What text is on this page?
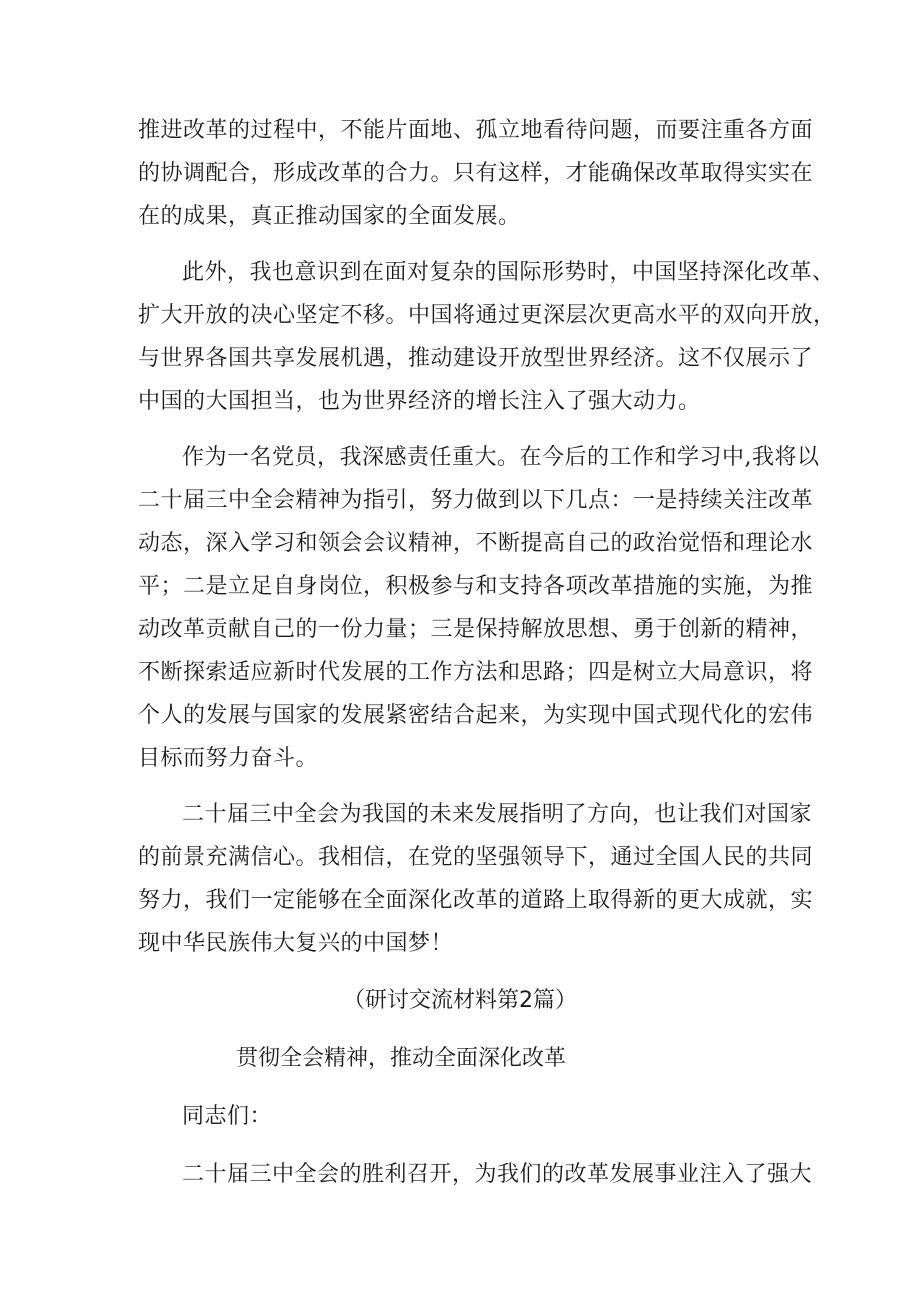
推进改革的过程中，不能片面地、孤立地看待问题，而要注重各方面
的协调配合，形成改革的合力。只有这样，才能确保改革取得实实在
在的成果，真正推动国家的全面发展。
此外，我也意识到在面对复杂的国际形势时，中国坚持深化改革、
扩大开放的决心坚定不移。中国将通过更深层次更高水平的双向开放，
与世界各国共享发展机遇，推动建设开放型世界经济。这不仅展示了
中国的大国担当，也为世界经济的增长注入了强大动力。
作为一名党员，我深感责任重大。在今后的工作和学习中,我将以
二十届三中全会精神为指引，努力做到以下几点：一是持续关注改革
动态，深入学习和领会会议精神，不断提高自己的政治觉悟和理论水
平；二是立足自身岗位，积极参与和支持各项改革措施的实施，为推
动改革贡献自己的一份力量；三是保持解放思想、勇于创新的精神，
不断探索适应新时代发展的工作方法和思路；四是树立大局意识，将
个人的发展与国家的发展紧密结合起来，为实现中国式现代化的宏伟
目标而努力奋斗。
二十届三中全会为我国的未来发展指明了方向，也让我们对国家
的前景充满信心。我相信，在党的坚强领导下，通过全国人民的共同
努力，我们一定能够在全面深化改革的道路上取得新的更大成就，实
现中华民族伟大复兴的中国梦！
（研讨交流材料第2篇）
贯彻全会精神，推动全面深化改革
同志们：
二十届三中全会的胜利召开，为我们的改革发展事业注入了强大
